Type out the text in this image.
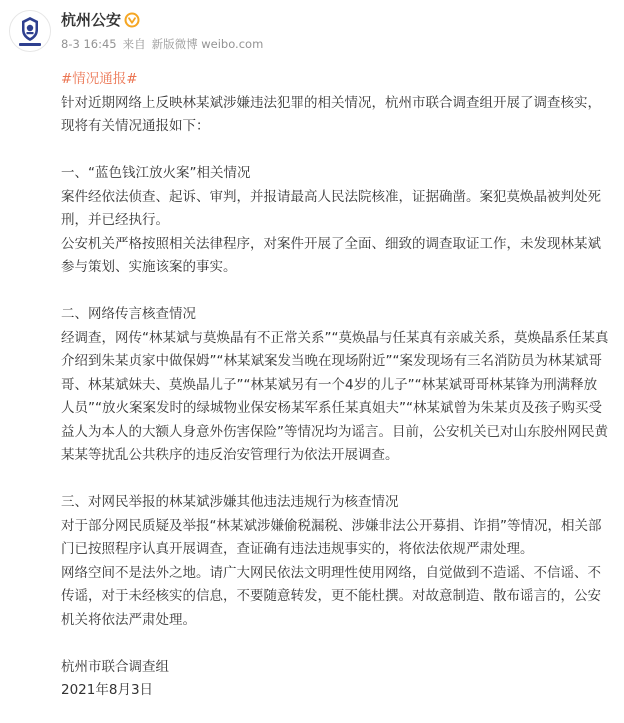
杭州公安
8-3 16:45 来自 新版微博 weibo.com

#情况通报#

针对近期网络上反映林某斌涉嫌违法犯罪的相关情况，杭州市联合调查组开展了调查核实，现将有关情况通报如下：

一、“蓝色钱江放火案”相关情况

案件经依法侦查、起诉、审判，并报请最高人民法院核准，证据确凿。案犯莫焕晶被判处死刑，并已经执行。

公安机关严格按照相关法律程序，对案件开展了全面、细致的调查取证工作，未发现林某斌参与策划、实施该案的事实。

二、网络传言核查情况

经调查，网传“林某斌与莫焕晶有不正常关系”“莫焕晶与任某真有亲戚关系，莫焕晶系任某真介绍到朱某贞家中做保姆”“林某斌案发当晚在现场附近”“案发现场有三名消防员为林某斌哥哥、林某斌妹夫、莫焕晶儿子”“林某斌另有一个4岁的儿子”“林某斌哥哥林某锋为刑满释放人员”“放火案案发时的绿城物业保安杨某军系任某真姐夫”“林某斌曾为朱某贞及孩子购买受益人为本人的大额人身意外伤害保险”等情况均为谣言。目前，公安机关已对山东胶州网民黄某某等扰乱公共秩序的违反治安管理行为依法开展调查。

三、对网民举报的林某斌涉嫌其他违法违规行为核查情况

对于部分网民质疑及举报“林某斌涉嫌偷税漏税、涉嫌非法公开募捐、诈捐”等情况，相关部门已按照程序认真开展调查，查证确有违法违规事实的，将依法依规严肃处理。

网络空间不是法外之地。请广大网民依法文明理性使用网络，自觉做到不造谣、不信谣、不传谣，对于未经核实的信息，不要随意转发，更不能杜撰。对故意制造、散布谣言的，公安机关将依法严肃处理。

杭州市联合调查组

2021年8月3日
